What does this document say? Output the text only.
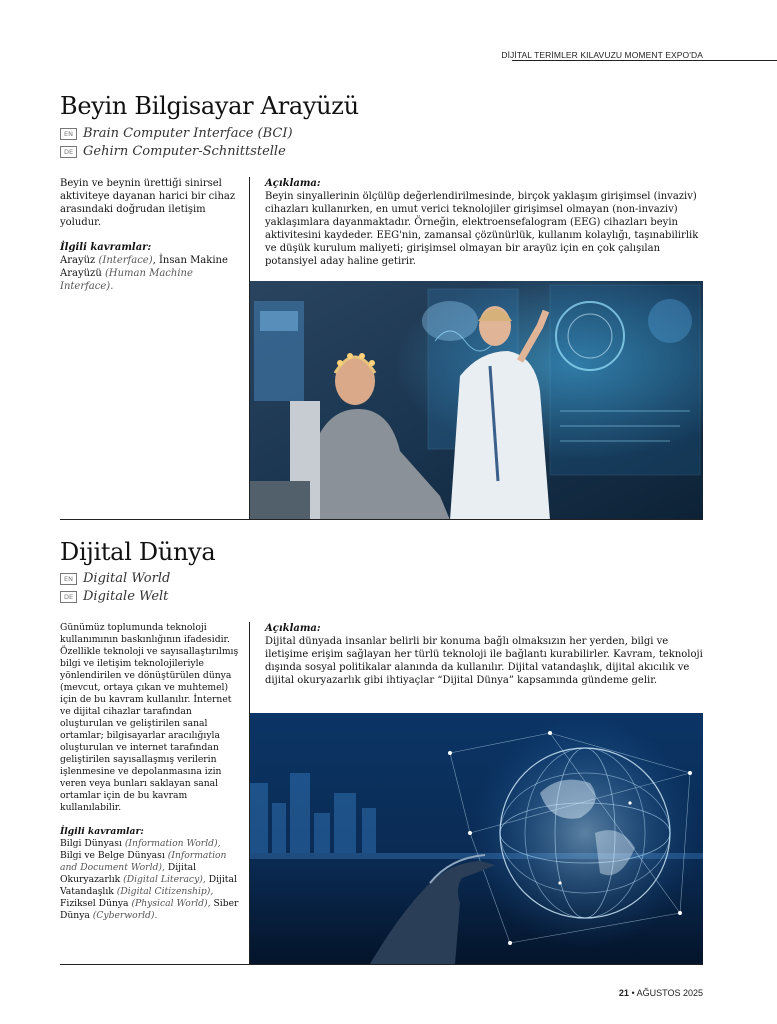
DİJİTAL TERİMLER KILAVUZU MOMENT EXPO'DA
Beyin Bilgisayar Arayüzü
EN Brain Computer Interface (BCI)
DE Gehirn Computer-Schnittstelle

Beyin ve beynin ürettiği sinirsel aktiviteye dayanan harici bir cihaz arasındaki doğrudan iletişim yoludur.

İlgili kavramlar:
Arayüz (Interface), İnsan Makine Arayüzü (Human Machine Interface).
Açıklama:
Beyin sinyallerinin ölçülüp değerlendirilmesinde, birçok yaklaşım girişimsel (invaziv) cihazları kullanırken, en umut verici teknolojiler girişimsel olmayan (non-invaziv) yaklaşımlara dayanmaktadır. Örneğin, elektroensefalogram (EEG) cihazları beyin aktivitesini kaydeder. EEG'nin, zamansal çözünürlük, kullanım kolaylığı, taşınabilirlik ve düşük kurulum maliyeti; girişimsel olmayan bir arayüz için en çok çalışılan potansiyel aday haline getirir.
Dijital Dünya
EN Digital World
DE Digitale Welt

Günümüz toplumunda teknoloji kullanımının baskınlığının ifadesidir. Özellikle teknoloji ve sayısallaştırılmış bilgi ve iletişim teknolojileriyle yönlendirilen ve dönüştürülen dünya (mevcut, ortaya çıkan ve muhtemel) için de bu kavram kullanılır. İnternet ve dijital cihazlar tarafından oluşturulan ve geliştirilen sanal ortamlar; bilgisayarlar aracılığıyla oluşturulan ve internet tarafından geliştirilen sayısallaşmış verilerin işlenmesine ve depolanmasına izin veren veya bunları saklayan sanal ortamlar için de bu kavram kullanılabilir.

İlgili kavramlar:
Bilgi Dünyası (Information World), Bilgi ve Belge Dünyası (Information and Document World), Dijital Okuryazarlık (Digital Literacy), Dijital Vatandaşlık (Digital Citizenship), Fiziksel Dünya (Physical World), Siber Dünya (Cyberworld).
Açıklama:
Dijital dünyada insanlar belirli bir konuma bağlı olmaksızın her yerden, bilgi ve iletişime erişim sağlayan her türlü teknoloji ile bağlantı kurabilirler. Kavram, teknoloji dışında sosyal politikalar alanında da kullanılır. Dijital vatandaşlık, dijital akıcılık ve dijital okuryazarlık gibi ihtiyaçlar “Dijital Dünya” kapsamında gündeme gelir.
21 • AĞUSTOS 2025
